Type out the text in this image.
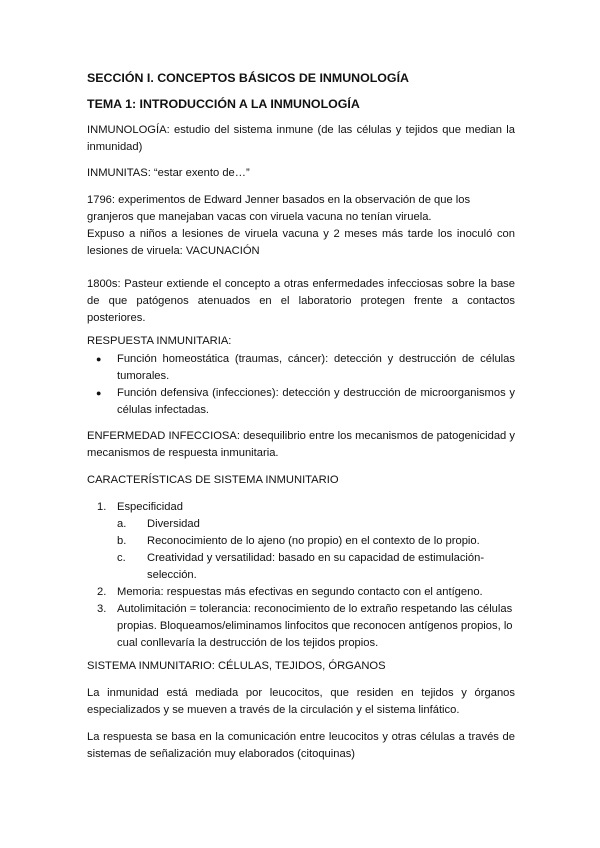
SECCIÓN I. CONCEPTOS BÁSICOS DE INMUNOLOGÍA
TEMA 1: INTRODUCCIÓN A LA INMUNOLOGÍA

INMUNOLOGÍA: estudio del sistema inmune (de las células y tejidos que median la inmunidad)

INMUNITAS: “estar exento de…”

1796: experimentos de Edward Jenner basados en la observación de que los granjeros que manejaban vacas con viruela vacuna no tenían viruela.

Expuso a niños a lesiones de viruela vacuna y 2 meses más tarde los inoculó con lesiones de viruela: VACUNACIÓN

1800s: Pasteur extiende el concepto a otras enfermedades infecciosas sobre la base de que patógenos atenuados en el laboratorio protegen frente a contactos posteriores.

RESPUESTA INMUNITARIA:

● Función homeostática (traumas, cáncer): detección y destrucción de células tumorales.
● Función defensiva (infecciones): detección y destrucción de microorganismos y células infectadas.

ENFERMEDAD INFECCIOSA: desequilibrio entre los mecanismos de patogenicidad y mecanismos de respuesta inmunitaria.

CARACTERÍSTICAS DE SISTEMA INMUNITARIO

1. Especificidad
a. Diversidad
b. Reconocimiento de lo ajeno (no propio) en el contexto de lo propio.
c. Creatividad y versatilidad: basado en su capacidad de estimulación-selección.
2. Memoria: respuestas más efectivas en segundo contacto con el antígeno.
3. Autolimitación = tolerancia: reconocimiento de lo extraño respetando las células propias. Bloqueamos/eliminamos linfocitos que reconocen antígenos propios, lo cual conllevaría la destrucción de los tejidos propios.

SISTEMA INMUNITARIO: CÉLULAS, TEJIDOS, ÓRGANOS

La inmunidad está mediada por leucocitos, que residen en tejidos y órganos especializados y se mueven a través de la circulación y el sistema linfático.

La respuesta se basa en la comunicación entre leucocitos y otras células a través de sistemas de señalización muy elaborados (citoquinas)
